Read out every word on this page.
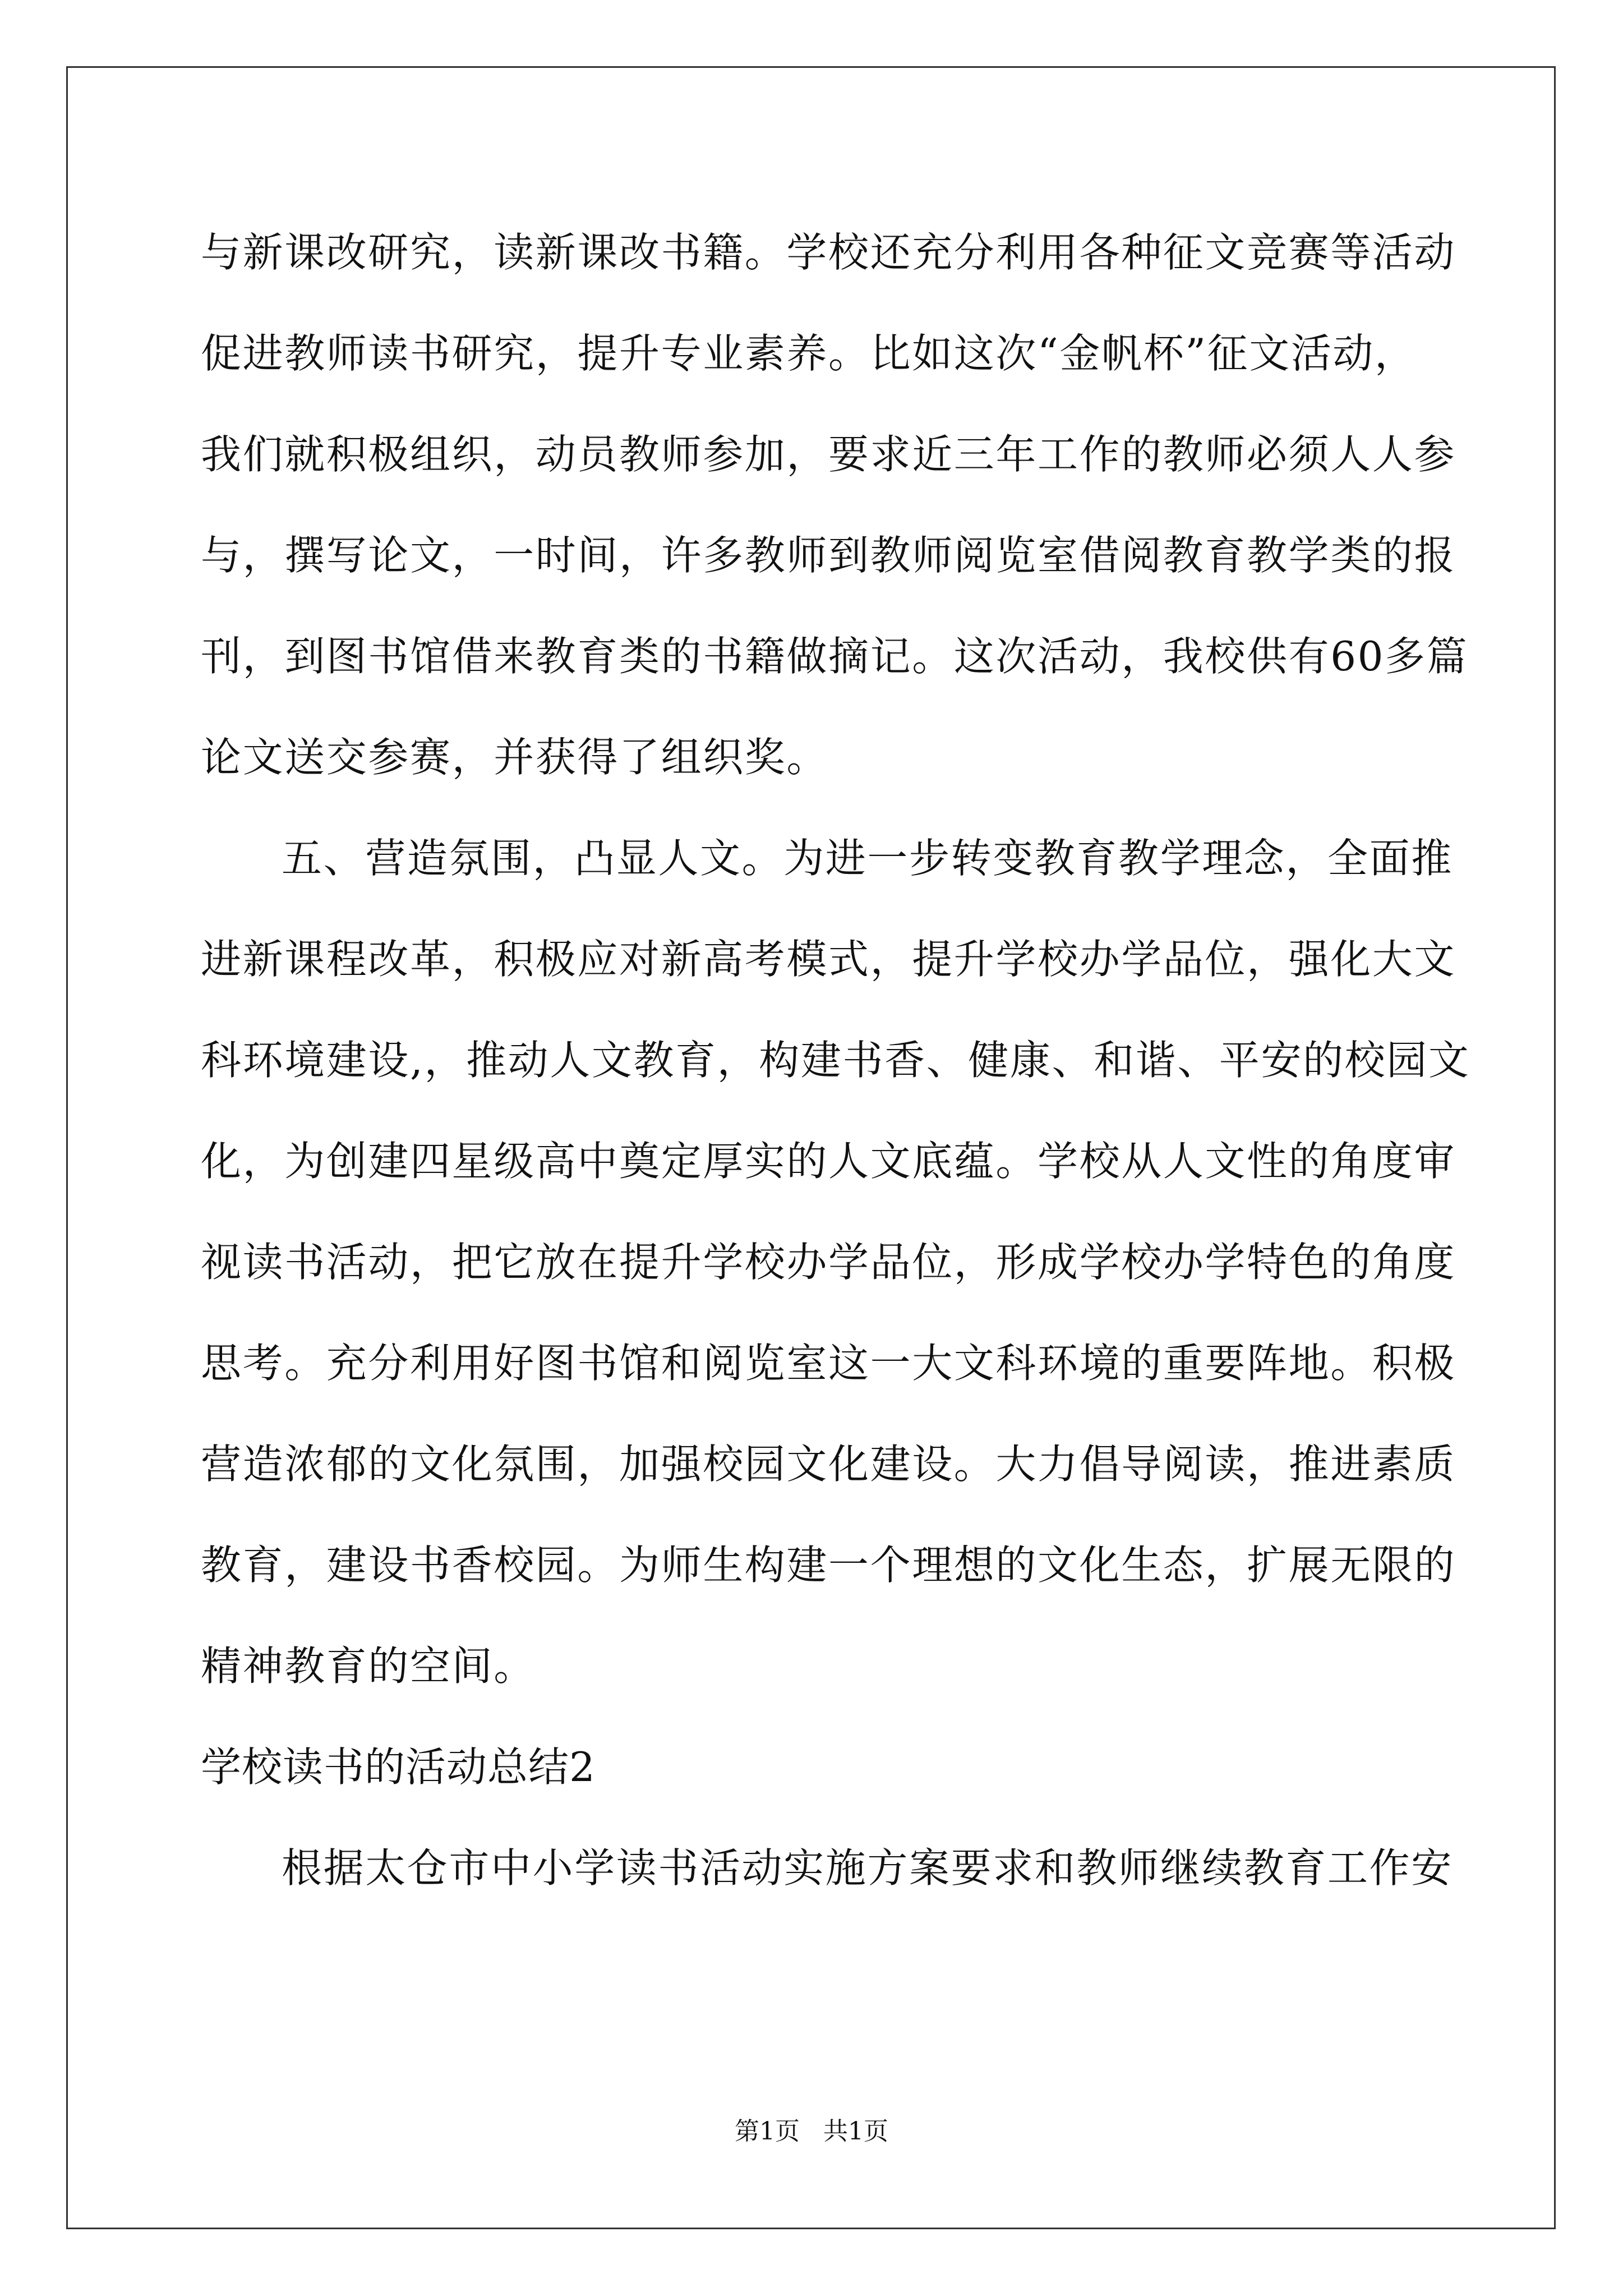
与新课改研究，读新课改书籍。学校还充分利用各种征文竞赛等活动
促进教师读书研究，提升专业素养。比如这次“金帆杯”征文活动，
我们就积极组织，动员教师参加，要求近三年工作的教师必须人人参
与，撰写论文，一时间，许多教师到教师阅览室借阅教育教学类的报
刊，到图书馆借来教育类的书籍做摘记。这次活动，我校供有60多篇
论文送交参赛，并获得了组织奖。
五、营造氛围，凸显人文。为进一步转变教育教学理念，全面推
进新课程改革，积极应对新高考模式，提升学校办学品位，强化大文
科环境建设,，推动人文教育，构建书香、健康、和谐、平安的校园文
化，为创建四星级高中奠定厚实的人文底蕴。学校从人文性的角度审
视读书活动，把它放在提升学校办学品位，形成学校办学特色的角度
思考。充分利用好图书馆和阅览室这一大文科环境的重要阵地。积极
营造浓郁的文化氛围，加强校园文化建设。大力倡导阅读，推进素质
教育，建设书香校园。为师生构建一个理想的文化生态，扩展无限的
精神教育的空间。
学校读书的活动总结2
根据太仓市中小学读书活动实施方案要求和教师继续教育工作安
第1页   共1页
